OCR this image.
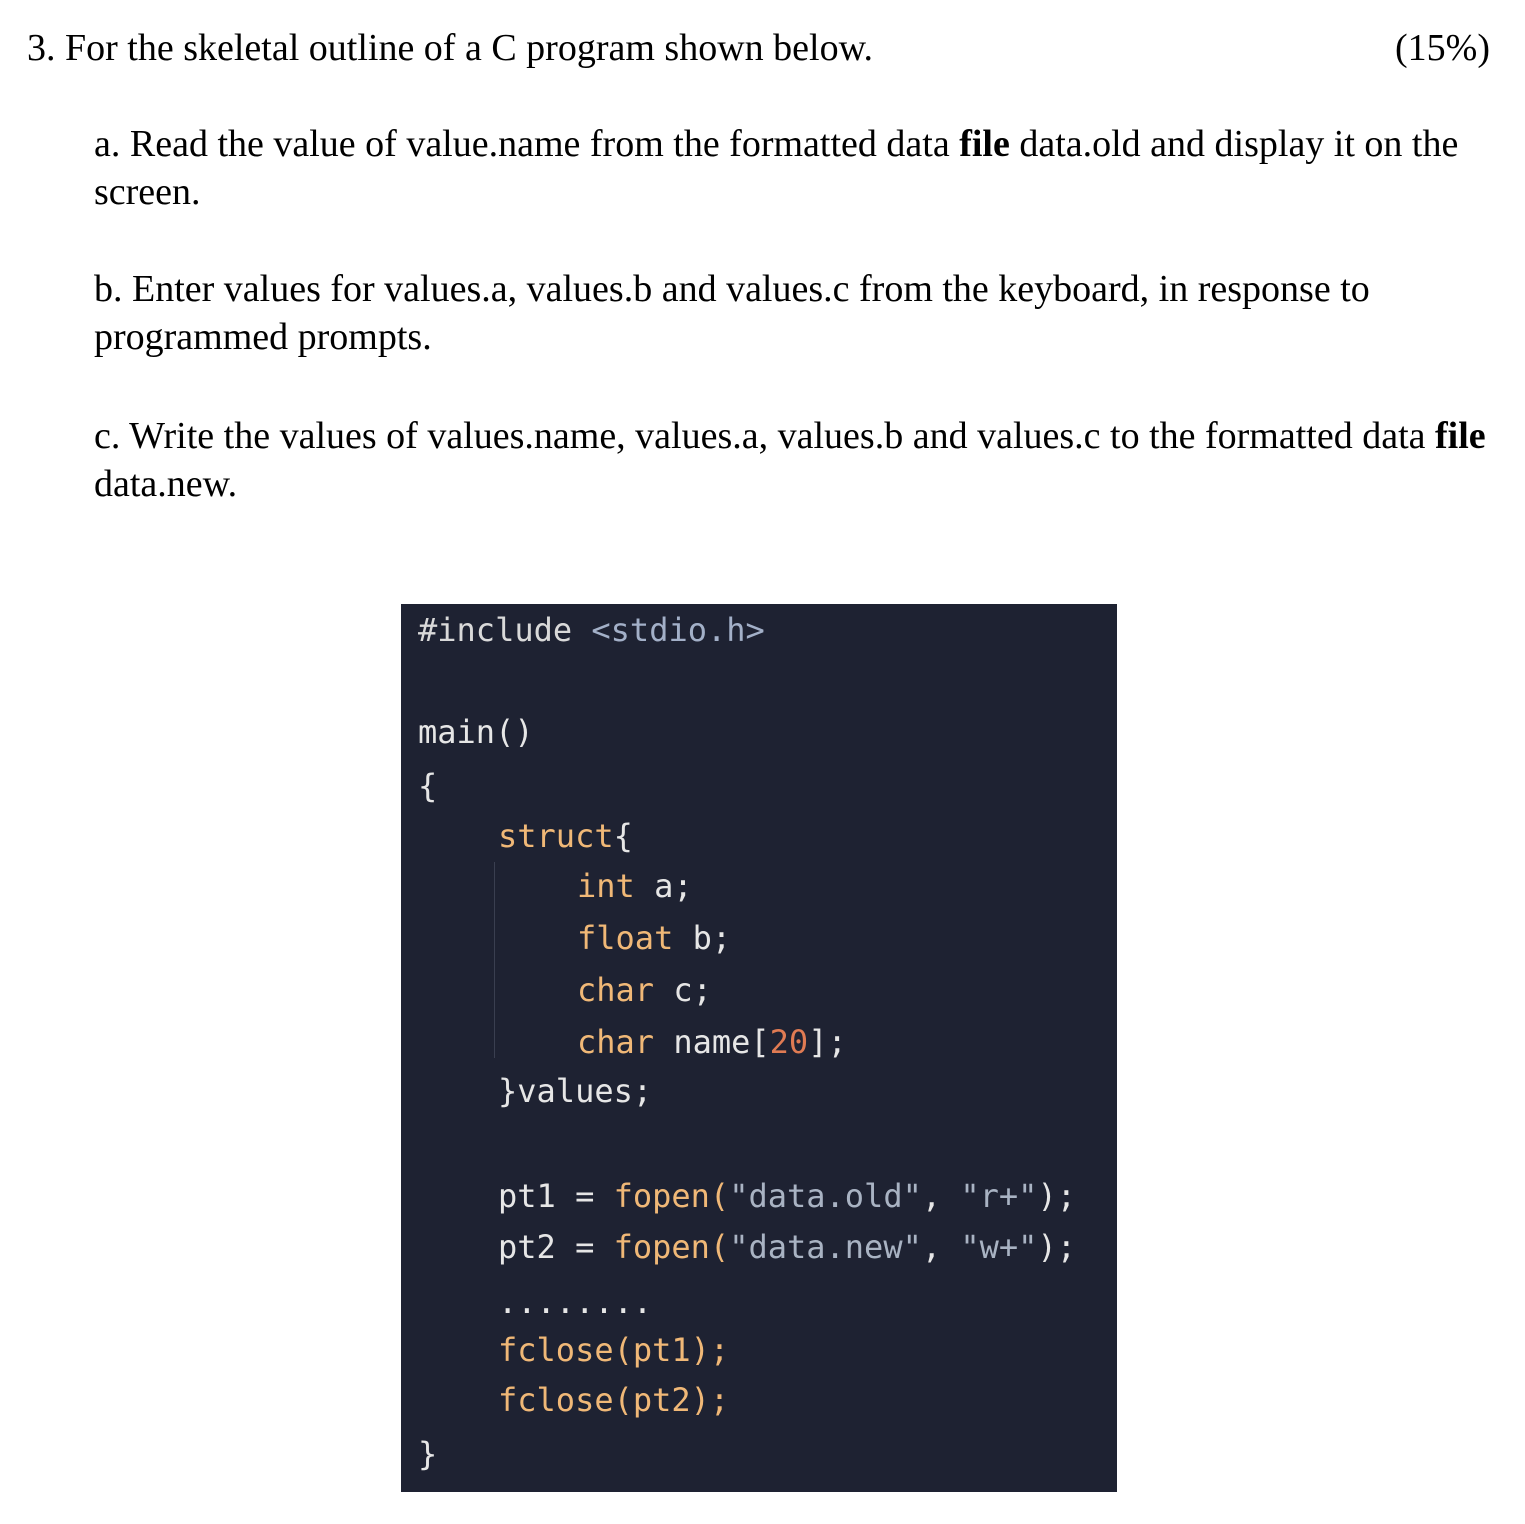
3. For the skeletal outline of a C program shown below.	(15%)
a. Read the value of value.name from the formatted data file data.old and display it on the screen.
b. Enter values for values.a, values.b and values.c from the keyboard, in response to programmed prompts.
c. Write the values of values.name, values.a, values.b and values.c to the formatted data file data.new.
#include <stdio.h>
main()
{
struct{
int a;
float b;
char c;
char name[20];
}values;
pt1 = fopen("data.old", "r+");
pt2 = fopen("data.new", "w+");
........
fclose(pt1);
fclose(pt2);
}
